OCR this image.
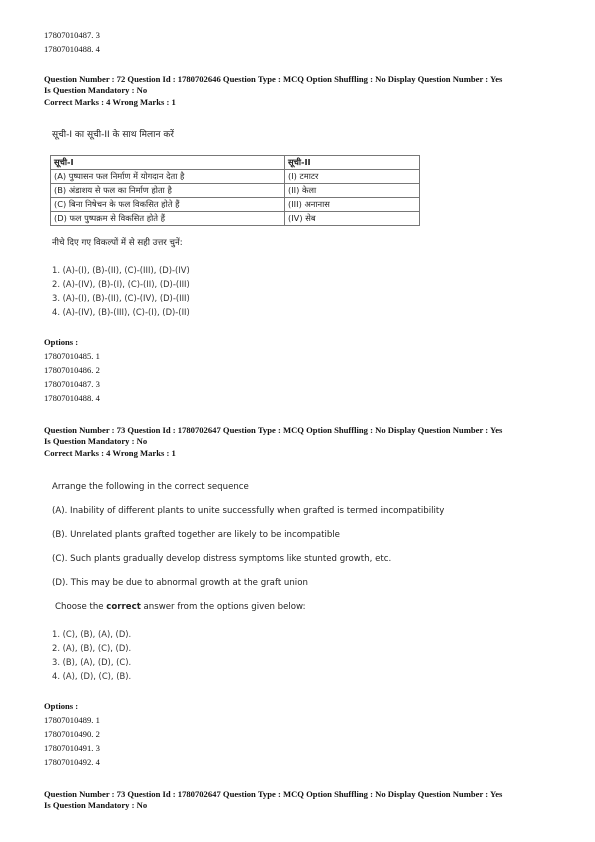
17807010487. 3
17807010488. 4
Question Number : 72 Question Id : 1780702646 Question Type : MCQ Option Shuffling : No Display Question Number : Yes
Is Question Mandatory : No
Correct Marks : 4 Wrong Marks : 1
सूची-I का सूची-II के साथ मिलान करें
सूची-I	सूची-II
(A) पुष्पासन फल निर्माण में योगदान देता है	(I) टमाटर
(B) अंडाशय से फल का निर्माण होता है	(II) केला
(C) बिना निषेचन के फल विकसित होते हैं	(III) अनानास
(D) फल पुष्पक्रम से विकसित होते हैं	(IV) सेब
नीचे दिए गए विकल्पों में से सही उत्तर चुनें:
1. (A)-(I), (B)-(II), (C)-(III), (D)-(IV)
2. (A)-(IV), (B)-(I), (C)-(II), (D)-(III)
3. (A)-(I), (B)-(II), (C)-(IV), (D)-(III)
4. (A)-(IV), (B)-(III), (C)-(I), (D)-(II)
Options :
17807010485. 1
17807010486. 2
17807010487. 3
17807010488. 4
Question Number : 73 Question Id : 1780702647 Question Type : MCQ Option Shuffling : No Display Question Number : Yes
Is Question Mandatory : No
Correct Marks : 4 Wrong Marks : 1
Arrange the following in the correct sequence
(A). Inability of different plants to unite successfully when grafted is termed incompatibility
(B). Unrelated plants grafted together are likely to be incompatible
(C). Such plants gradually develop distress symptoms like stunted growth, etc.
(D). This may be due to abnormal growth at the graft union
Choose the correct answer from the options given below:
1. (C), (B), (A), (D).
2. (A), (B), (C), (D).
3. (B), (A), (D), (C).
4. (A), (D), (C), (B).
Options :
17807010489. 1
17807010490. 2
17807010491. 3
17807010492. 4
Question Number : 73 Question Id : 1780702647 Question Type : MCQ Option Shuffling : No Display Question Number : Yes
Is Question Mandatory : No
